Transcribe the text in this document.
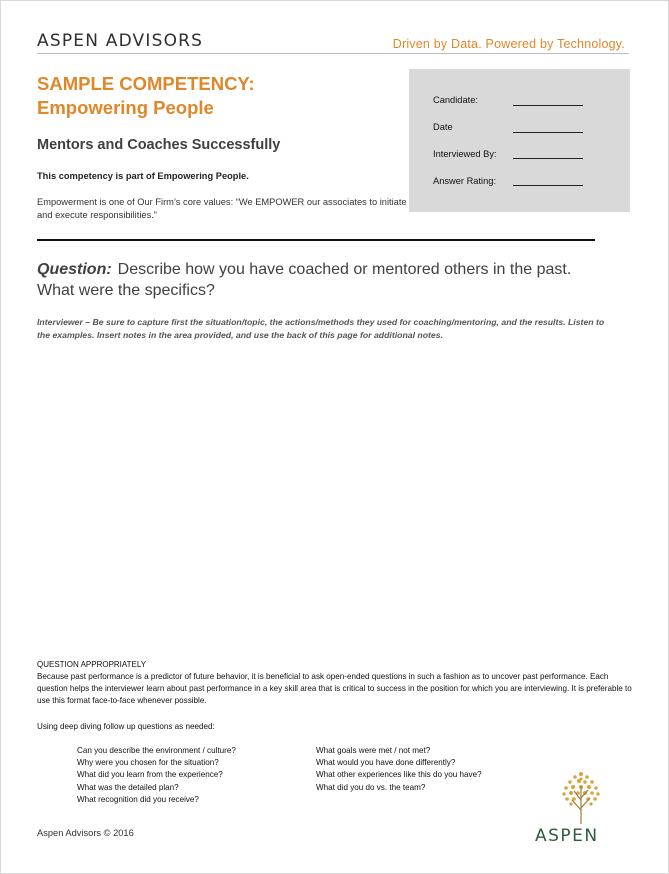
ASPEN ADVISORS	Driven by Data. Powered by Technology.
SAMPLE COMPETENCY:
Empowering People
Mentors and Coaches Successfully
This competency is part of Empowering People.
Empowerment is one of Our Firm’s core values: “We EMPOWER our associates to initiate and execute responsibilities.”
Candidate:
Date
Interviewed By:
Answer Rating:
Question: Describe how you have coached or mentored others in the past. What were the specifics?
Interviewer – Be sure to capture first the situation/topic, the actions/methods they used for coaching/mentoring, and the results. Listen to the examples. Insert notes in the area provided, and use the back of this page for additional notes.
QUESTION APPROPRIATELY
Because past performance is a predictor of future behavior, it is beneficial to ask open-ended questions in such a fashion as to uncover past performance. Each question helps the interviewer learn about past performance in a key skill area that is critical to success in the position for which you are interviewing. It is preferable to use this format face-to-face whenever possible.
Using deep diving follow up questions as needed:
Can you describe the environment / culture?
Why were you chosen for the situation?
What did you learn from the experience?
What was the detailed plan?
What recognition did you receive?
What goals were met / not met?
What would you have done differently?
What other experiences like this do you have?
What did you do vs. the team?
Aspen Advisors © 2016	ASPEN
